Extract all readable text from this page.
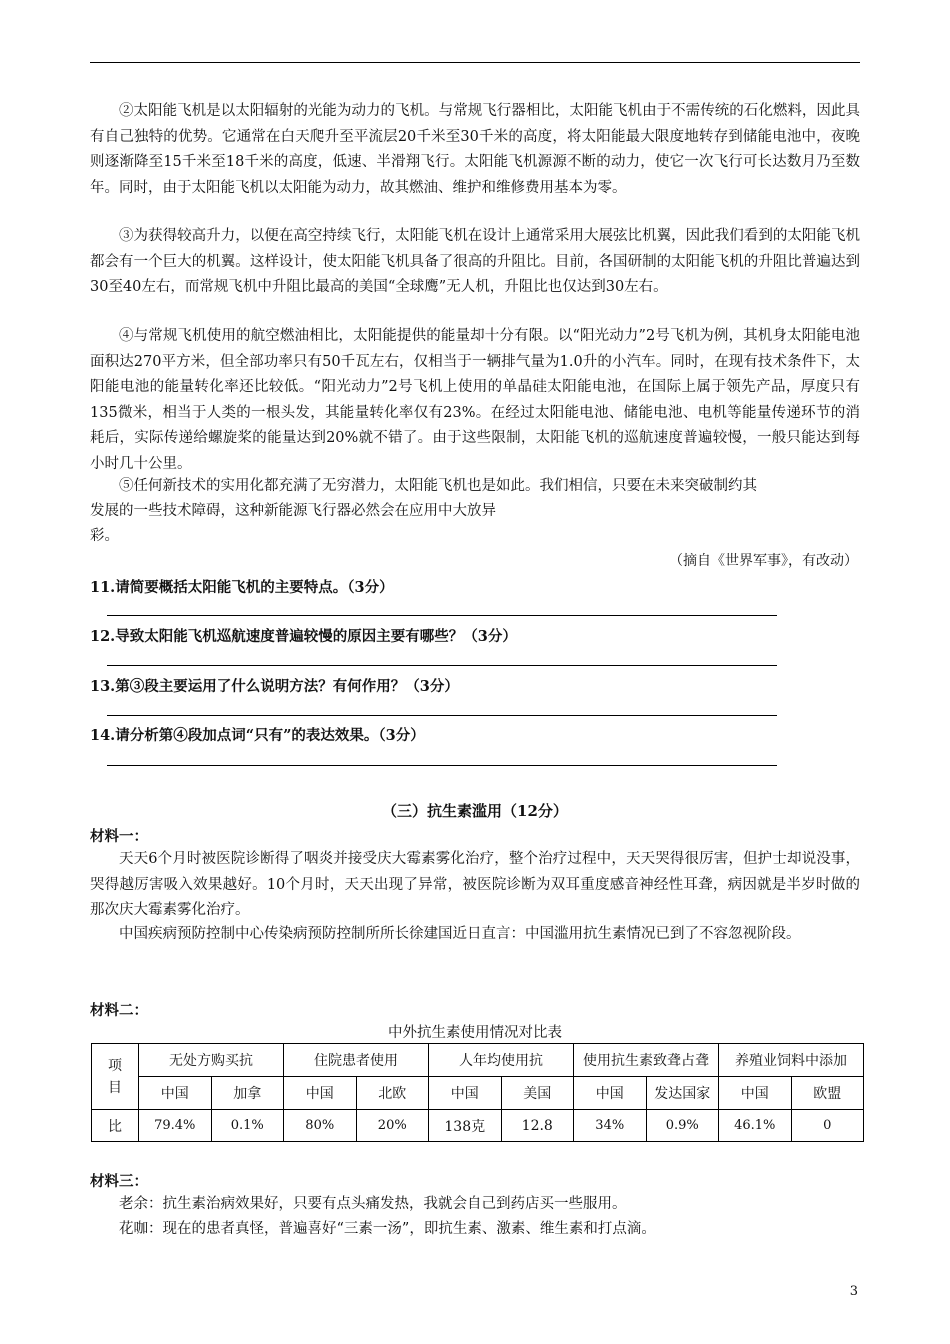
②太阳能飞机是以太阳辐射的光能为动力的飞机。与常规飞行器相比，太阳能飞机由于不需传统的石化燃料，因此具有自己独特的优势。它通常在白天爬升至平流层20千米至30千米的高度，将太阳能最大限度地转存到储能电池中，夜晚则逐渐降至15千米至18千米的高度，低速、半滑翔飞行。太阳能飞机源源不断的动力，使它一次飞行可长达数月乃至数年。同时，由于太阳能飞机以太阳能为动力，故其燃油、维护和维修费用基本为零。

③为获得较高升力，以便在高空持续飞行，太阳能飞机在设计上通常采用大展弦比机翼，因此我们看到的太阳能飞机都会有一个巨大的机翼。这样设计，使太阳能飞机具备了很高的升阻比。目前，各国研制的太阳能飞机的升阻比普遍达到30至40左右，而常规飞机中升阻比最高的美国“全球鹰”无人机，升阻比也仅达到30左右。

④与常规飞机使用的航空燃油相比，太阳能提供的能量却十分有限。以“阳光动力”2号飞机为例，其机身太阳能电池面积达270平方米，但全部功率只有50千瓦左右，仅相当于一辆排气量为1.0升的小汽车。同时，在现有技术条件下，太阳能电池的能量转化率还比较低。“阳光动力”2号飞机上使用的单晶硅太阳能电池，在国际上属于领先产品，厚度只有135微米，相当于人类的一根头发，其能量转化率仅有23%。在经过太阳能电池、储能电池、电机等能量传递环节的消耗后，实际传递给螺旋桨的能量达到20%就不错了。由于这些限制，太阳能飞机的巡航速度普遍较慢，一般只能达到每小时几十公里。

⑤任何新技术的实用化都充满了无穷潜力，太阳能飞机也是如此。我们相信，只要在未来突破制约其

发展的一些技术障碍，这种新能源飞行器必然会在应用中大放异

彩。

（摘自《世界军事》，有改动）
11.请简要概括太阳能飞机的主要特点。（3分）
12.导致太阳能飞机巡航速度普遍较慢的原因主要有哪些？（3分）
13.第③段主要运用了什么说明方法？有何作用？（3分）
14.请分析第④段加点词“只有”的表达效果。（3分）
（三）抗生素滥用（12分）
材料一：

天天6个月时被医院诊断得了咽炎并接受庆大霉素雾化治疗，整个治疗过程中，天天哭得很厉害，但护士却说没事，哭得越厉害吸入效果越好。10个月时，天天出现了异常，被医院诊断为双耳重度感音神经性耳聋，病因就是半岁时做的那次庆大霉素雾化治疗。

中国疾病预防控制中心传染病预防控制所所长徐建国近日直言：中国滥用抗生素情况已到了不容忽视阶段。

材料二：
中外抗生素使用情况对比表
项
目	无处方购买抗		住院患者使用		人年均使用抗		使用抗生素致聋占聋		养殖业饲料中添加	
	中国	加拿	中国	北欧	中国	美国	中国	发达国家	中国	欧盟
比	79.4%	0.1%	80%	20%	138克	12.8	34%	0.9%	46.1%	0
材料三：

老余：抗生素治病效果好，只要有点头痛发热，我就会自己到药店买一些服用。

花咖：现在的患者真怪，普遍喜好“三素一汤”，即抗生素、激素、维生素和打点滴。

3
